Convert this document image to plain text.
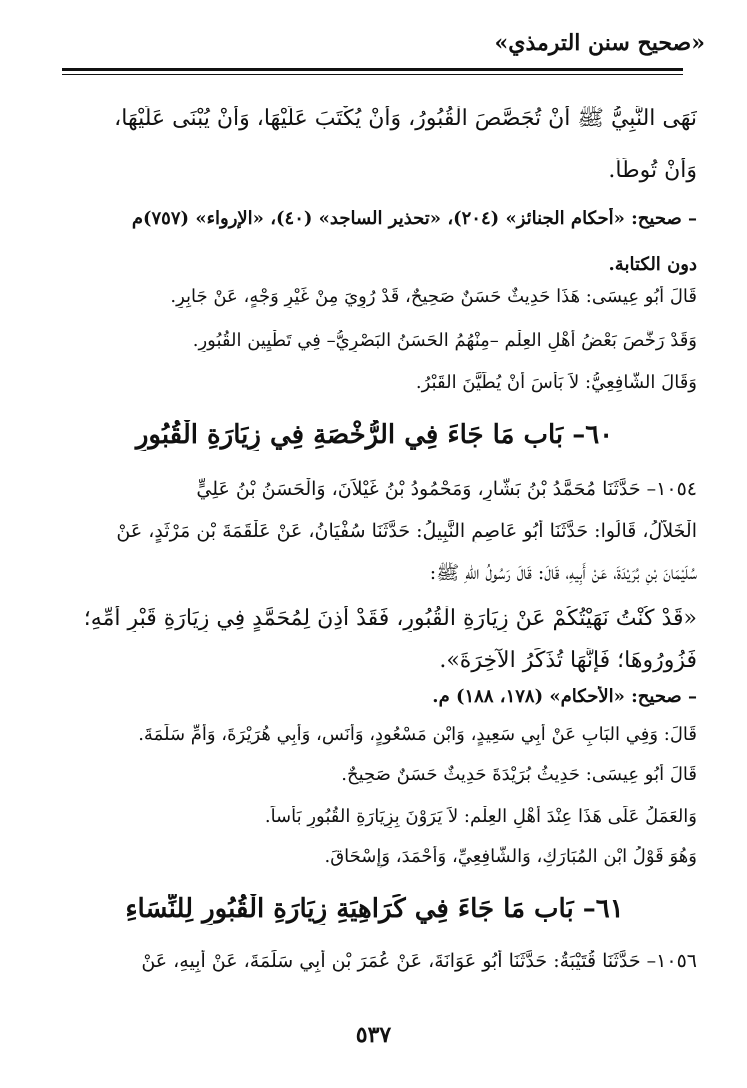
«صحيح سنن الترمذي»
نَهَى النَّبِيُّ ﷺ أَنْ تُجَصَّصَ الْقُبُورُ، وَأَنْ يُكْتَبَ عَلَيْهَا، وَأَنْ يُبْنَى عَلَيْهَا،
وَأَنْ تُوطَأَ.
– صحيح: «أحكام الجنائز» (٢٠٤)، «تحذير الساجد» (٤٠)، «الإرواء» (٧٥٧)م
دون الكتابة.
قَالَ أَبُو عِيسَى: هَذَا حَدِيثٌ حَسَنٌ صَحِيحٌ، قَدْ رُوِيَ مِنْ غَيْرِ وَجْهٍ، عَنْ جَابِرٍ.
وَقَدْ رَخَّصَ بَعْضُ أَهْلِ العِلْمِ –مِنْهُمُ الحَسَنُ البَصْرِيُّ– فِي تَطْيِينِ القُبُورِ.
وَقَالَ الشَّافِعِيُّ: لاَ بَأْسَ أَنْ يُطَيَّنَ القَبْرُ.
٦٠– بَاب مَا جَاءَ فِي الرُّخْصَةِ فِي زِيَارَةِ الْقُبُورِ
١٠٥٤– حَدَّثَنَا مُحَمَّدُ بْنُ بَشَّارٍ، وَمَحْمُودُ بْنُ غَيْلاَنَ، وَالْحَسَنُ بْنُ عَلِيٍّ
الْخَلاَّلُ، قَالُوا: حَدَّثَنَا أَبُو عَاصِمٍ النَّبِيلُ: حَدَّثَنَا سُفْيَانُ، عَنْ عَلْقَمَةَ بْنِ مَرْثَدٍ، عَنْ
سُلَيْمَانَ بْنِ بُرَيْدَةَ، عَنْ أَبِيهِ، قَالَ: قَالَ رَسُولُ اللهِ ﷺ:
«قَدْ كُنْتُ نَهَيْتُكُمْ عَنْ زِيَارَةِ الْقُبُورِ، فَقَدْ أُذِنَ لِمُحَمَّدٍ فِي زِيَارَةِ قَبْرِ أُمِّهِ؛
فَزُورُوهَا؛ فَإِنَّهَا تُذَكِّرُ الآخِرَةَ».
– صحيح: «الأحكام» (١٧٨، ١٨٨) م.
قَالَ: وَفِي البَابِ عَنْ أَبِي سَعِيدٍ، وَابْنِ مَسْعُودٍ، وَأَنَسٍ، وَأَبِي هُرَيْرَةَ، وَأُمِّ سَلَمَةَ.
قَالَ أَبُو عِيسَى: حَدِيثُ بُرَيْدَةَ حَدِيثٌ حَسَنٌ صَحِيحٌ.
وَالعَمَلُ عَلَى هَذَا عِنْدَ أَهْلِ العِلْمِ: لاَ يَرَوْنَ بِزِيَارَةِ القُبُورِ بَأْساً.
وَهُوَ قَوْلُ ابْنِ المُبَارَكِ، وَالشَّافِعِيِّ، وَأَحْمَدَ، وَإِسْحَاقَ.
٦١– بَاب مَا جَاءَ فِي كَرَاهِيَةِ زِيَارَةِ الْقُبُورِ لِلنِّسَاءِ
١٠٥٦– حَدَّثَنَا قُتَيْبَةُ: حَدَّثَنَا أَبُو عَوَانَةَ، عَنْ عُمَرَ بْنِ أَبِي سَلَمَةَ، عَنْ أَبِيهِ، عَنْ
٥٣٧
